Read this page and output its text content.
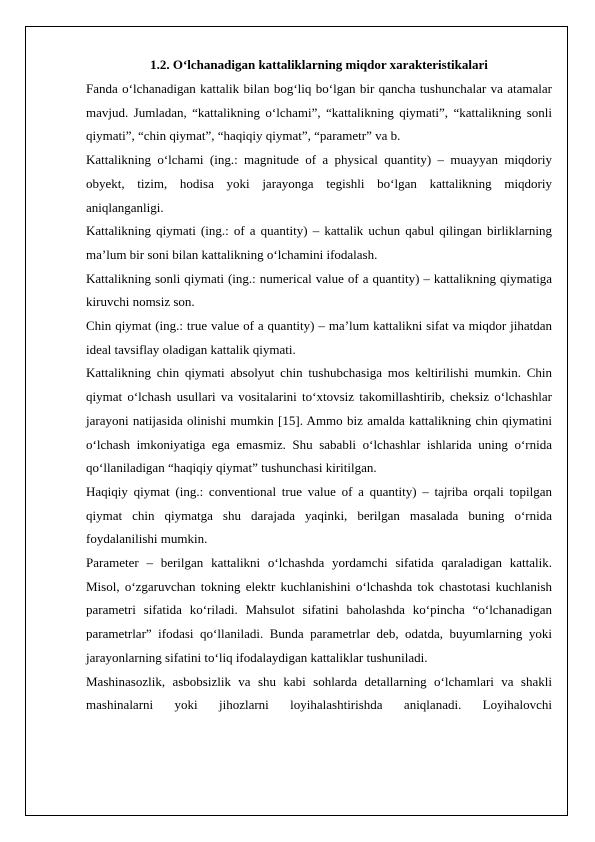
1.2. O‘lchanadigan kattaliklarning miqdor xarakteristikalari

Fanda o‘lchanadigan kattalik bilan bog‘liq bo‘lgan bir qancha tushunchalar va atamalar mavjud. Jumladan, “kattalikning o‘lchami”, “kattalikning qiymati”, “kattalikning sonli qiymati”, “chin qiymat”, “haqiqiy qiymat”, “parametr” va b.

Kattalikning o‘lchami (ing.: magnitude of a physical quantity) – muayyan miqdoriy obyekt, tizim, hodisa yoki jarayonga tegishli bo‘lgan kattalikning miqdoriy aniqlanganligi.

Kattalikning qiymati (ing.: of a quantity) – kattalik uchun qabul qilingan birliklarning ma’lum bir soni bilan kattalikning o‘lchamini ifodalash.

Kattalikning sonli qiymati (ing.: numerical value of a quantity) – kattalikning qiymatiga kiruvchi nomsiz son.

Chin qiymat (ing.: true value of a quantity) – ma’lum kattalikni sifat va miqdor jihatdan ideal tavsiflay oladigan kattalik qiymati.

Kattalikning chin qiymati absolyut chin tushubchasiga mos keltirilishi mumkin. Chin qiymat o‘lchash usullari va vositalarini to‘xtovsiz takomillashtirib, cheksiz o‘lchashlar jarayoni natijasida olinishi mumkin [15]. Ammo biz amalda kattalikning chin qiymatini o‘lchash imkoniyatiga ega emasmiz. Shu sababli o‘lchashlar ishlarida uning o‘rnida qo‘llaniladigan “haqiqiy qiymat” tushunchasi kiritilgan.

Haqiqiy qiymat (ing.: conventional true value of a quantity) – tajriba orqali topilgan qiymat chin qiymatga shu darajada yaqinki, berilgan masalada buning o‘rnida foydalanilishi mumkin.

Parameter – berilgan kattalikni o‘lchashda yordamchi sifatida qaraladigan kattalik. Misol, o‘zgaruvchan tokning elektr kuchlanishini o‘lchashda tok chastotasi kuchlanish parametri sifatida ko‘riladi. Mahsulot sifatini baholashda ko‘pincha “o‘lchanadigan parametrlar” ifodasi qo‘llaniladi. Bunda parametrlar deb, odatda, buyumlarning yoki jarayonlarning sifatini to‘liq ifodalaydigan kattaliklar tushuniladi.

Mashinasozlik, asbobsizlik va shu kabi sohlarda detallarning o‘lchamlari va shakli mashinalarni yoki jihozlarni loyihalashtirishda aniqlanadi. Loyihalovchi
